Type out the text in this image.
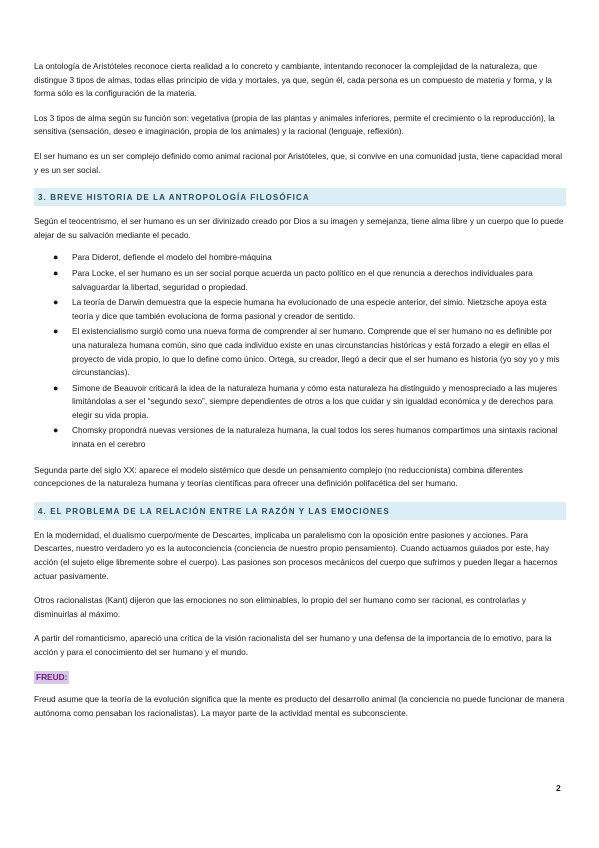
La ontología de Aristóteles reconoce cierta realidad a lo concreto y cambiante, intentando reconocer la complejidad de la naturaleza, que distingue 3 tipos de almas, todas ellas principio de vida y mortales, ya que, según él, cada persona es un compuesto de materia y forma, y la forma sólo es la configuración de la materia.

Los 3 tipos de alma según su función son: vegetativa (propia de las plantas y animales inferiores, permite el crecimiento o la reproducción), la sensitiva (sensación, deseo e imaginación, propia de los animales) y la racional (lenguaje, reflexión).

El ser humano es un ser complejo definido como animal racional por Aristóteles, que, si convive en una comunidad justa, tiene capacidad moral y es un ser social.

3. BREVE HISTORIA DE LA ANTROPOLOGÍA FILOSÓFICA

Según el teocentrismo, el ser humano es un ser divinizado creado por Dios a su imagen y semejanza, tiene alma libre y un cuerpo que lo puede alejar de su salvación mediante el pecado.

● Para Diderot, defiende el modelo del hombre-máquina
● Para Locke, el ser humano es un ser social porque acuerda un pacto político en el que renuncia a derechos individuales para salvaguardar la libertad, seguridad o propiedad.
● La teoría de Darwin demuestra que la especie humana ha evolucionado de una especie anterior, del simio. Nietzsche apoya esta teoría y dice que también evoluciona de forma pasional y creador de sentido.
● El existencialismo surgió como una nueva forma de comprender al ser humano. Comprende que el ser humano no es definible por una naturaleza humana común, sino que cada individuo existe en unas circunstancias históricas y está forzado a elegir en ellas el proyecto de vida propio, lo que lo define como único. Ortega, su creador, llegó a decir que el ser humano es historia (yo soy yo y mis circunstancias).
● Simone de Beauvoir criticará la idea de la naturaleza humana y cómo esta naturaleza ha distinguido y menospreciado a las mujeres limitándolas a ser el “segundo sexo”, siempre dependientes de otros a los que cuidar y sin igualdad económica y de derechos para elegir su vida propia.
● Chomsky propondrá nuevas versiones de la naturaleza humana, la cual todos los seres humanos compartimos una sintaxis racional innata en el cerebro

Segunda parte del siglo XX: aparece el modelo sistémico que desde un pensamiento complejo (no reduccionista) combina diferentes concepciones de la naturaleza humana y teorías científicas para ofrecer una definición polifacética del ser humano.

4. EL PROBLEMA DE LA RELACIÓN ENTRE LA RAZÓN Y LAS EMOCIONES

En la modernidad, el dualismo cuerpo/mente de Descartes, implicaba un paralelismo con la oposición entre pasiones y acciones. Para Descartes, nuestro verdadero yo es la autoconciencia (conciencia de nuestro propio pensamiento). Cuando actuamos guiados por este, hay acción (el sujeto elige libremente sobre el cuerpo). Las pasiones son procesos mecánicos del cuerpo que sufrimos y pueden llegar a hacernos actuar pasivamente.

Otros racionalistas (Kant) dijeron que las emociones no son eliminables, lo propio del ser humano como ser racional, es controlarlas y disminuirlas al máximo.

A partir del romanticismo, apareció una crítica de la visión racionalista del ser humano y una defensa de la importancia de lo emotivo, para la acción y para el conocimiento del ser humano y el mundo.

FREUD:

Freud asume que la teoría de la evolución significa que la mente es producto del desarrollo animal (la conciencia no puede funcionar de manera autónoma como pensaban los racionalistas). La mayor parte de la actividad mental es subconsciente.

2
